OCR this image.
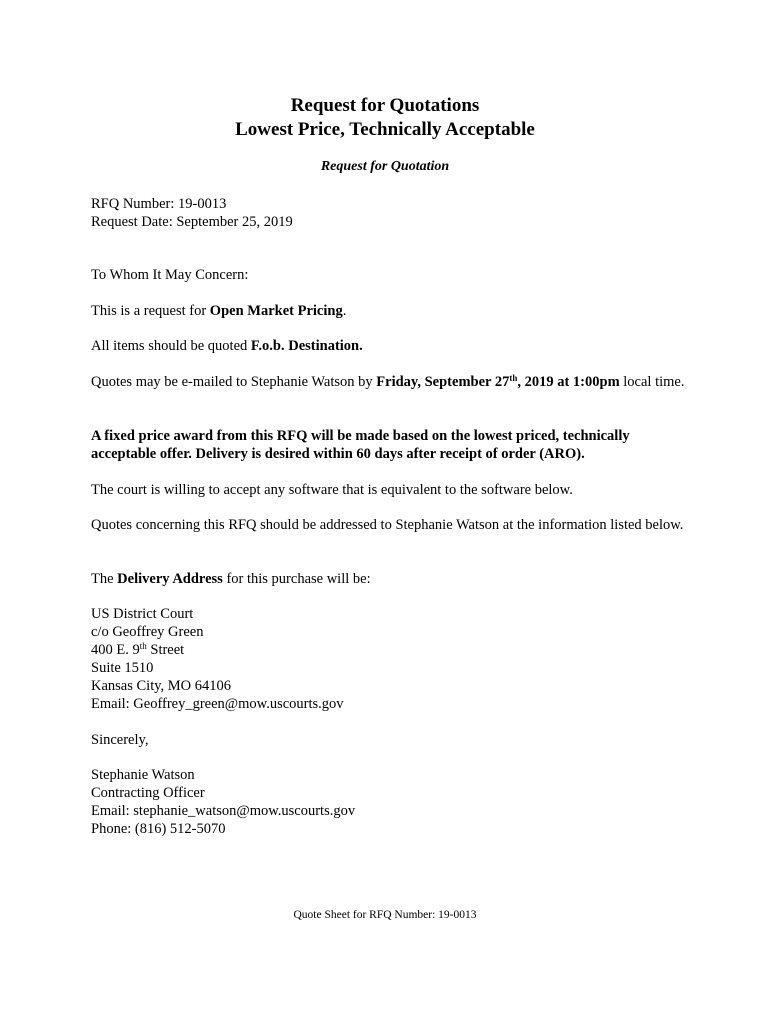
Request for Quotations
Lowest Price, Technically Acceptable
Request for Quotation
RFQ Number: 19-0013
Request Date: September 25, 2019
To Whom It May Concern:
This is a request for Open Market Pricing.
All items should be quoted F.o.b. Destination.
Quotes may be e-mailed to Stephanie Watson by Friday, September 27th, 2019 at 1:00pm local time.
A fixed price award from this RFQ will be made based on the lowest priced, technically acceptable offer. Delivery is desired within 60 days after receipt of order (ARO).
The court is willing to accept any software that is equivalent to the software below.
Quotes concerning this RFQ should be addressed to Stephanie Watson at the information listed below.
The Delivery Address for this purchase will be:
US District Court
c/o Geoffrey Green
400 E. 9th Street
Suite 1510
Kansas City, MO 64106
Email: Geoffrey_green@mow.uscourts.gov
Sincerely,
Stephanie Watson
Contracting Officer
Email: stephanie_watson@mow.uscourts.gov
Phone: (816) 512-5070
Quote Sheet for RFQ Number: 19-0013
